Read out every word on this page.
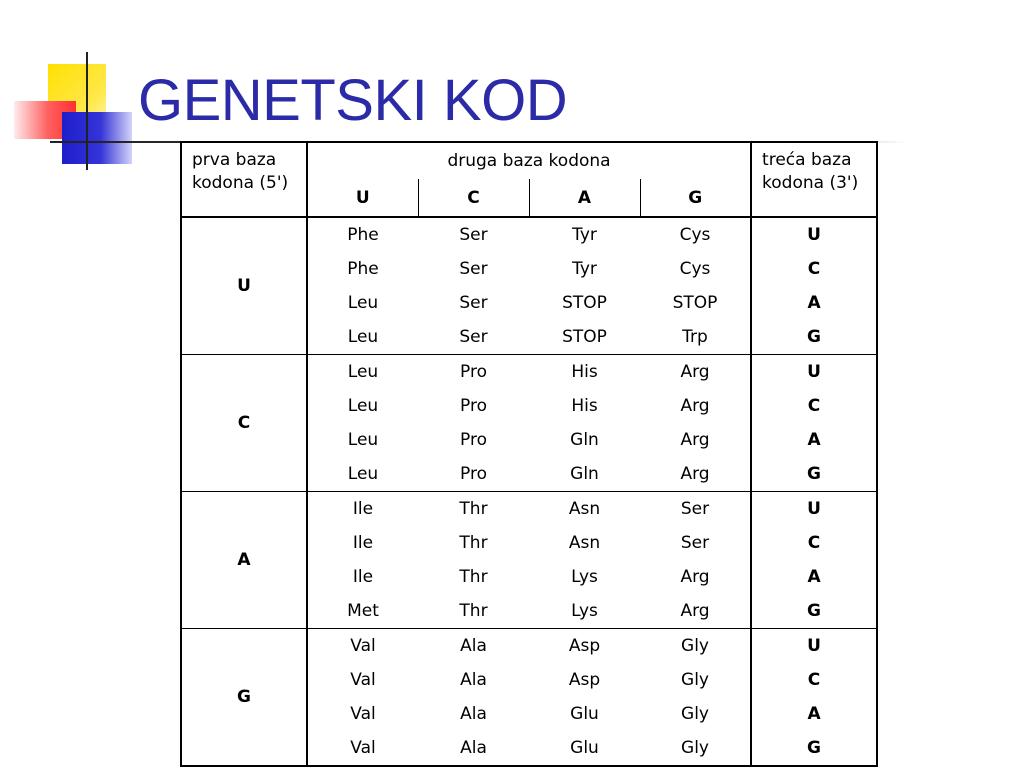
GENETSKI KOD
prva baza kodona (5')	druga baza kodona				treća baza kodona (3')
	U	C	A	G	
U	Phe	Ser	Tyr	Cys	U
	Phe	Ser	Tyr	Cys	C
	Leu	Ser	STOP	STOP	A
	Leu	Ser	STOP	Trp	G
C	Leu	Pro	His	Arg	U
	Leu	Pro	His	Arg	C
	Leu	Pro	Gln	Arg	A
	Leu	Pro	Gln	Arg	G
A	Ile	Thr	Asn	Ser	U
	Ile	Thr	Asn	Ser	C
	Ile	Thr	Lys	Arg	A
	Met	Thr	Lys	Arg	G
G	Val	Ala	Asp	Gly	U
	Val	Ala	Asp	Gly	C
	Val	Ala	Glu	Gly	A
	Val	Ala	Glu	Gly	G
